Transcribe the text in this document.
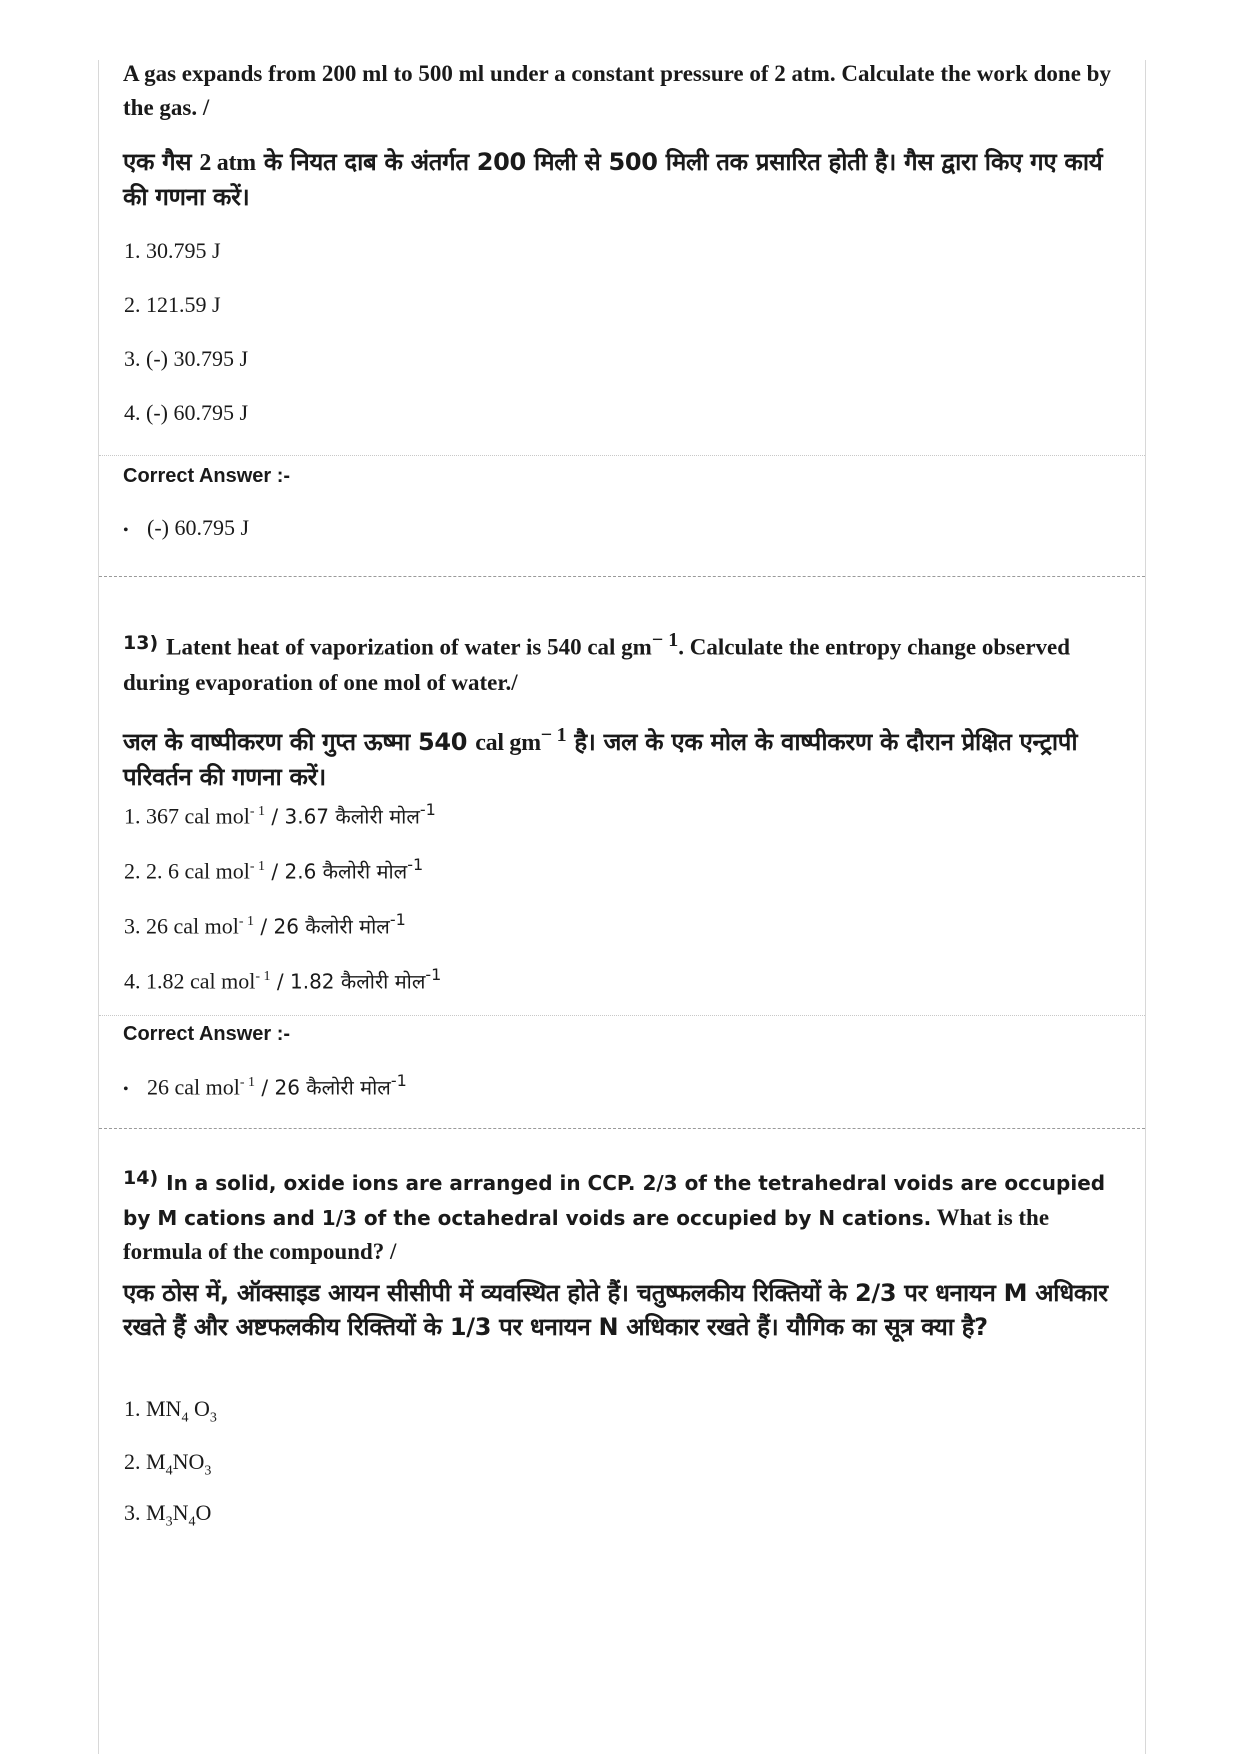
A gas expands from 200 ml to 500 ml under a constant pressure of 2 atm. Calculate the work done by the gas. /

एक गैस 2 atm के नियत दाब के अंतर्गत 200 मिली से 500 मिली तक प्रसारित होती है। गैस द्वारा किए गए कार्य की गणना करें।

1. 30.795 J
2. 121.59 J
3. (-) 30.795 J
4. (-) 60.795 J
Correct Answer :-
• (-) 60.795 J

$^{13)}$ Latent heat of vaporization of water is 540 cal $gm^{- 1}$. Calculate the entropy change observed during evaporation of one mol of water./

जल के वाष्पीकरण की गुप्त ऊष्मा 540 cal $gm^{- 1}$ है। जल के एक मोल के वाष्पीकरण के दौरान प्रेक्षित एन्ट्रापी परिवर्तन की गणना करें।

1. 367 cal mol$^{- 1}$ / 3.67 कैलोरी मोल$^{-1}$
2. 2. 6 cal mol$^{- 1}$ / 2.6 कैलोरी मोल$^{-1}$
3. 26 cal mol$^{- 1}$ / 26 कैलोरी मोल$^{-1}$
4. 1.82 cal mol$^{- 1}$ / 1.82 कैलोरी मोल$^{-1}$
Correct Answer :-
• 26 cal mol$^{- 1}$ / 26 कैलोरी मोल$^{-1}$

$^{14)}$ In a solid, oxide ions are arranged in CCP. 2/3 of the tetrahedral voids are occupied by M cations and 1/3 of the octahedral voids are occupied by N cations. What is the formula of the compound? /

एक ठोस में, ऑक्साइड आयन सीसीपी में व्यवस्थित होते हैं। चतुष्फलकीय रिक्तियों के 2/3 पर धनायन M अधिकार रखते हैं और अष्टफलकीय रिक्तियों के 1/3 पर धनायन N अधिकार रखते हैं। यौगिक का सूत्र क्या है?

1. $MN_4$ $O_3$
2. $M_4NO_3$
3. $M_3N_4O$
